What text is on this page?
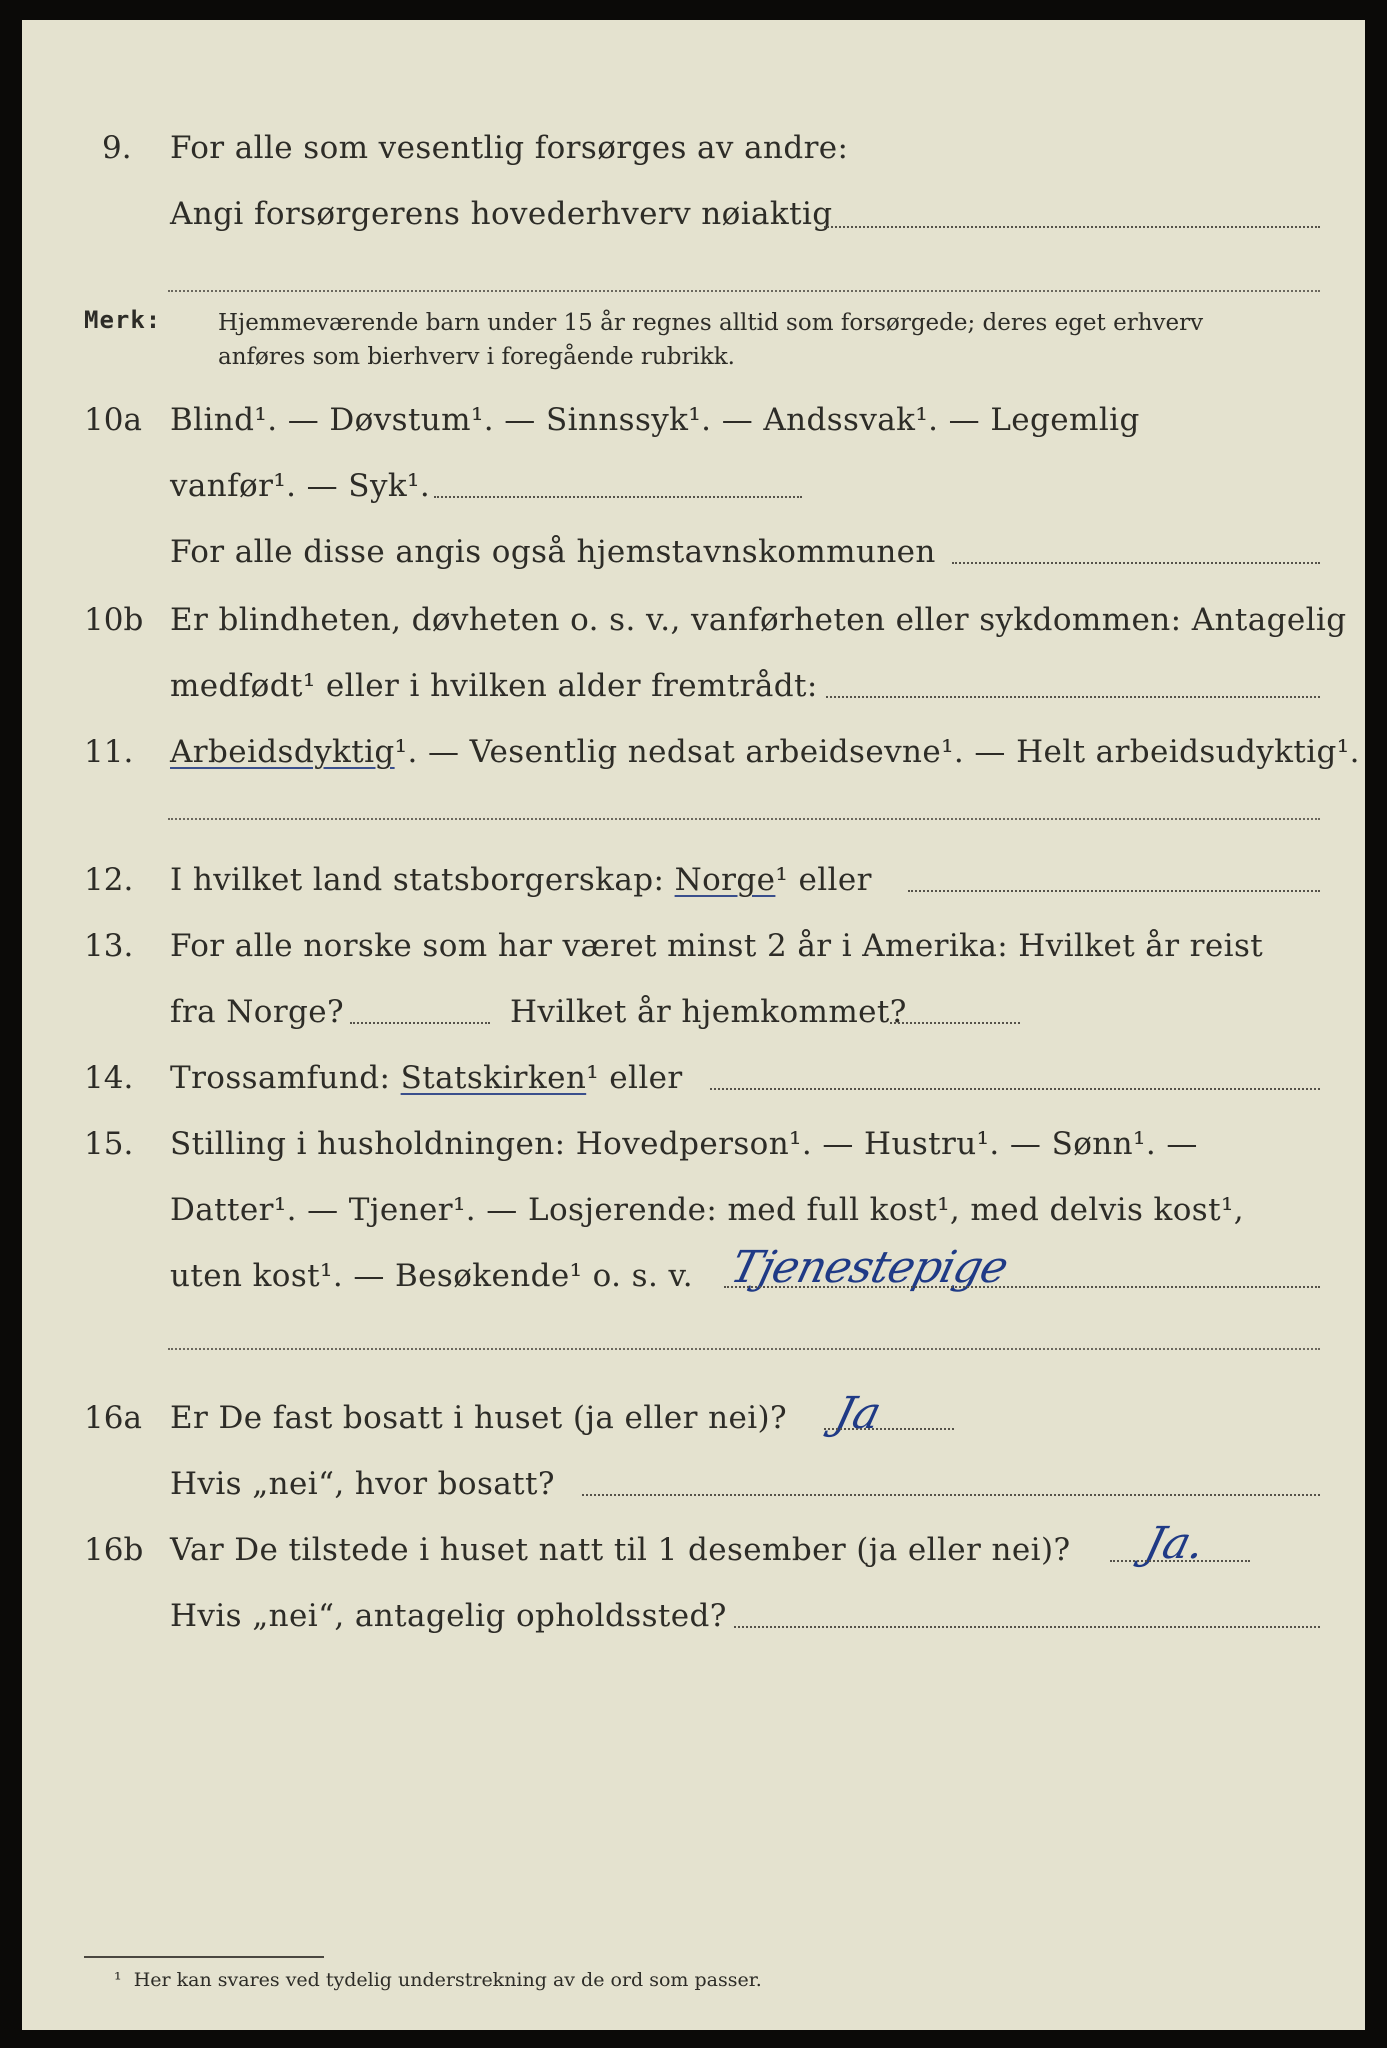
9. For alle som vesentlig forsørges av andre:
Angi forsørgerens hovederhverv nøiaktig
Merk: Hjemmeværende barn under 15 år regnes alltid som forsørgede; deres eget erhverv
anføres som bierhverv i foregående rubrikk.
10a Blind¹. — Døvstum¹. — Sinnssyk¹. — Andssvak¹. — Legemlig
vanfør¹. — Syk¹.
For alle disse angis også hjemstavnskommunen
10b Er blindheten, døvheten o. s. v., vanførheten eller sykdommen: Antagelig
medfødt¹ eller i hvilken alder fremtrådt:
11. Arbeidsdyktig¹. — Vesentlig nedsat arbeidsevne¹. — Helt arbeidsudyktig¹.
12. I hvilket land statsborgerskap: Norge¹ eller
13. For alle norske som har været minst 2 år i Amerika: Hvilket år reist
fra Norge?	Hvilket år hjemkommet?
14. Trossamfund: Statskirken¹ eller
15. Stilling i husholdningen: Hovedperson¹. — Hustru¹. — Sønn¹. —
Datter¹. — Tjener¹. — Losjerende: med full kost¹, med delvis kost¹,
uten kost¹. — Besøkende¹ o. s. v. Tjenestepige
16a Er De fast bosatt i huset (ja eller nei)? Ja
Hvis „nei“, hvor bosatt?
16b Var De tilstede i huset natt til 1 desember (ja eller nei)? Ja.
Hvis „nei“, antagelig opholdssted?
¹ Her kan svares ved tydelig understrekning av de ord som passer.
